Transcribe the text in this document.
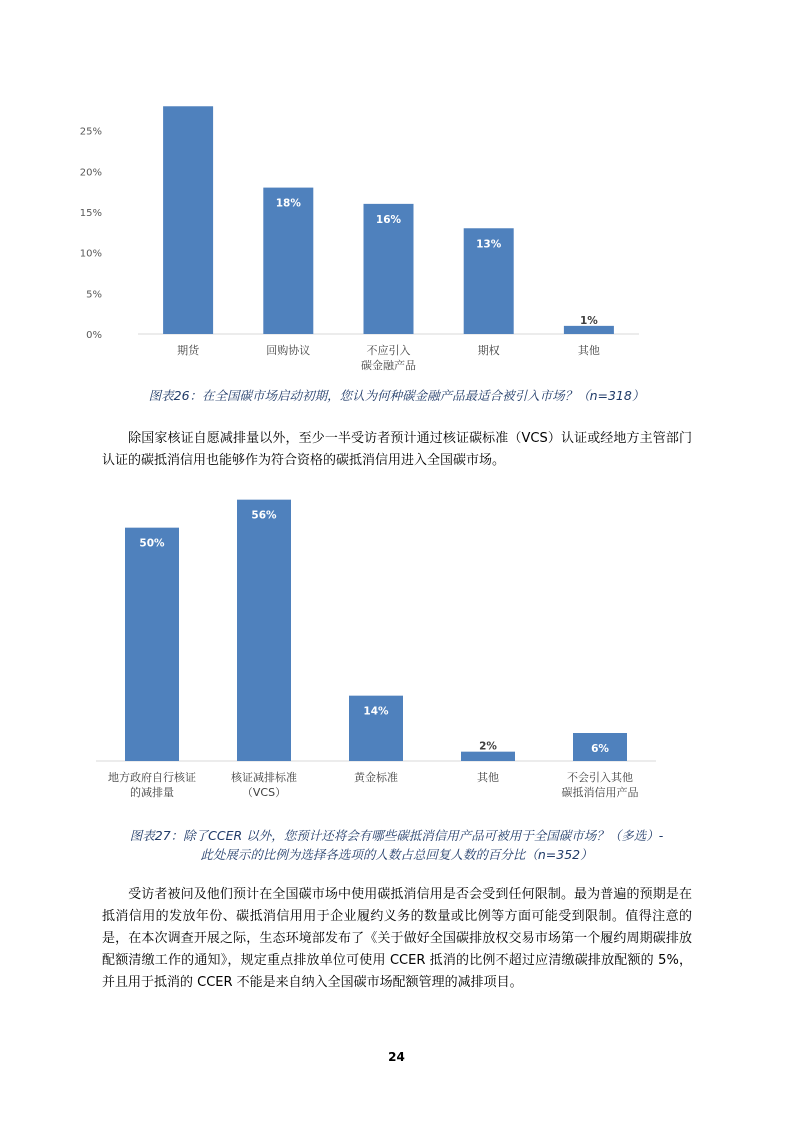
0%
5%
10%
15%
20%
25%
期货
18%
回购协议
16%
不应引入
碳金融产品
13%
期权
1%
其他
图表26：在全国碳市场启动初期，您认为何种碳金融产品最适合被引入市场？（n=318）
除国家核证自愿减排量以外，至少一半受访者预计通过核证碳标准（VCS）认证或经地方主管部门认证的碳抵消信用也能够作为符合资格的碳抵消信用进入全国碳市场。
50%
地方政府自行核证
的减排量
56%
核证减排标准
（VCS）
14%
黄金标准
2%
其他
6%
不会引入其他
碳抵消信用产品
图表27：除了CCER 以外，您预计还将会有哪些碳抵消信用产品可被用于全国碳市场？（多选）-
此处展示的比例为选择各选项的人数占总回复人数的百分比（n=352）
受访者被问及他们预计在全国碳市场中使用碳抵消信用是否会受到任何限制。最为普遍的预期是在抵消信用的发放年份、碳抵消信用用于企业履约义务的数量或比例等方面可能受到限制。值得注意的是，在本次调查开展之际，生态环境部发布了《关于做好全国碳排放权交易市场第一个履约周期碳排放配额清缴工作的通知》，规定重点排放单位可使用 CCER 抵消的比例不超过应清缴碳排放配额的 5%，并且用于抵消的 CCER 不能是来自纳入全国碳市场配额管理的减排项目。
24
